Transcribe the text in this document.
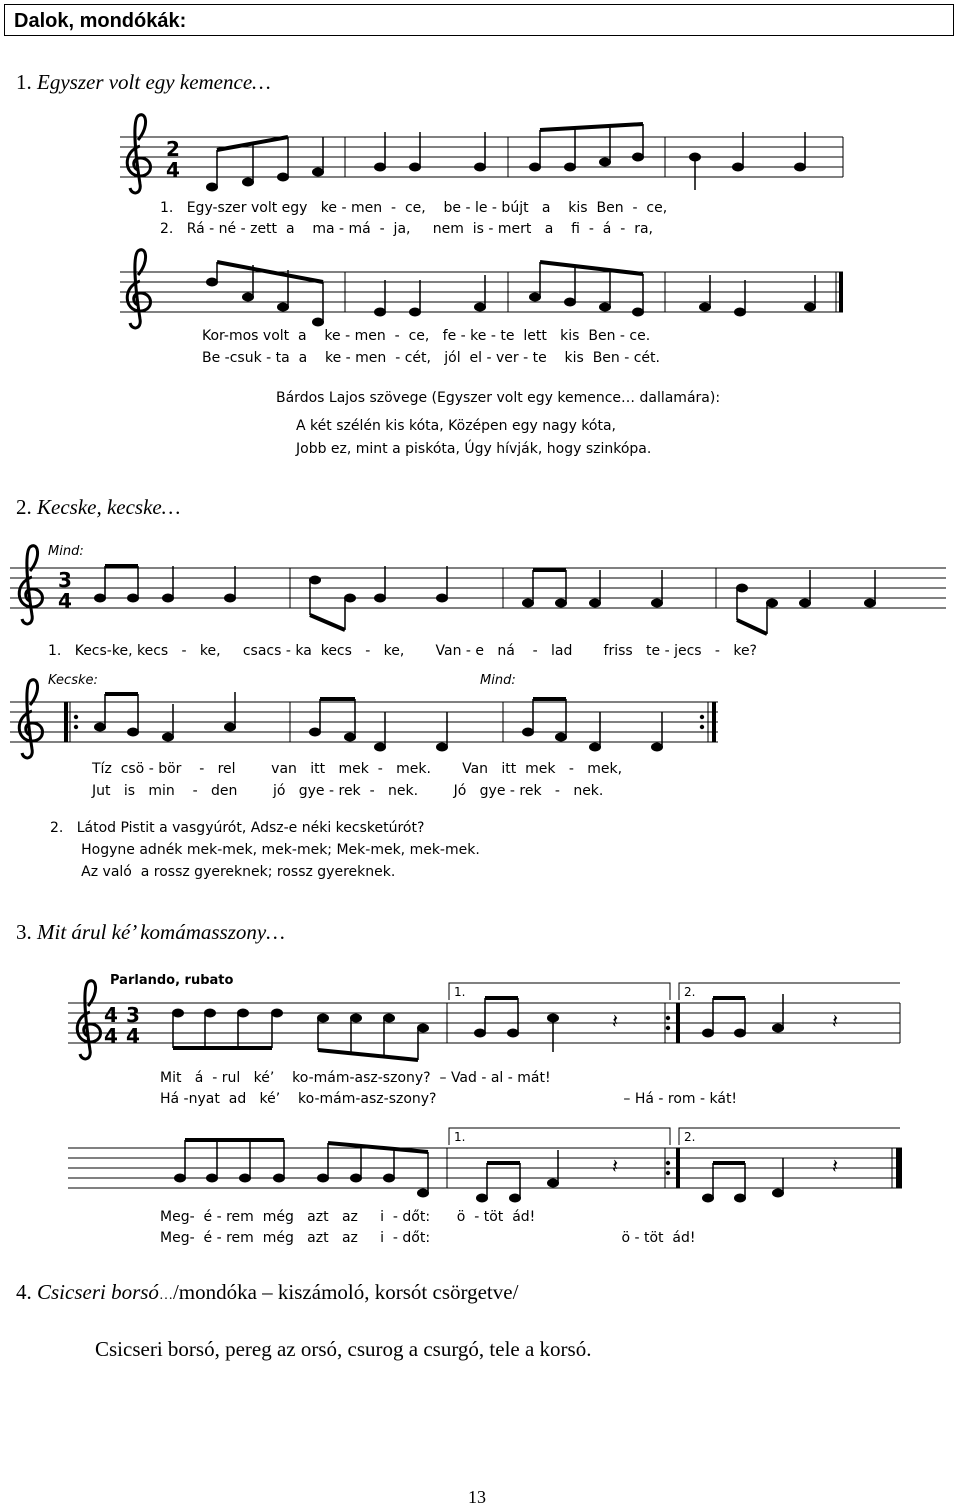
Dalok, mondókák:
1. Egyszer volt egy kemence…
2
4
3
4
4
4
3
4
𝄽	𝄽
𝄽	𝄽
1.   Egy-szer volt egy   ke - men  -  ce,    be - le - bújt   a    kis  Ben  -  ce,
2.   Rá - né - zett  a    ma - má  -  ja,     nem  is - mert   a    fi  -  á  -  ra,
Kor-mos volt  a    ke - men  -  ce,   fe - ke - te  lett   kis  Ben - ce.
Be -csuk - ta  a    ke - men  - cét,   jól  el - ver - te    kis  Ben - cét.
Bárdos Lajos szövege (Egyszer volt egy kemence… dallamára):
A két szélén kis kóta, Középen egy nagy kóta,
Jobb ez, mint a piskóta, Úgy hívják, hogy szinkópa.
2. Kecske, kecske…
Mind:
1.   Kecs-ke, kecs   -   ke,     csacs - ka  kecs   -   ke,       Van - e   ná    -   lad       friss   te - jecs   -   ke?
Kecske:	Mind:
Tíz  csö - bör    -   rel        van   itt   mek  -   mek.       Van   itt  mek   -   mek,
Jut   is   min    -   den        jó   gye - rek  -   nek.        Jó   gye - rek   -   nek.
2.   Látod Pistit a vasgyúrót, Adsz-e néki kecsketúrót?
Hogyne adnék mek-mek, mek-mek; Mek-mek, mek-mek.
Az való  a rossz gyereknek; rossz gyereknek.
3. Mit árul ké’ komámasszony…
Parlando, rubato
1.	2.
1.	2.
Mit   á  - rul   ké’    ko-mám-asz-szony?  – Vad - al - mát!
Há -nyat  ad   ké’    ko-mám-asz-szony?                                          – Há - rom - kát!
Meg-  é - rem  még   azt   az     i  - dőt:      ö  - töt  ád!
Meg-  é - rem  még   azt   az     i  - dőt:                                           ö - töt  ád!
4. Csicseri borsó…/mondóka – kiszámoló, korsót csörgetve/
Csicseri borsó, pereg az orsó, csurog a csurgó, tele a korsó.
13
